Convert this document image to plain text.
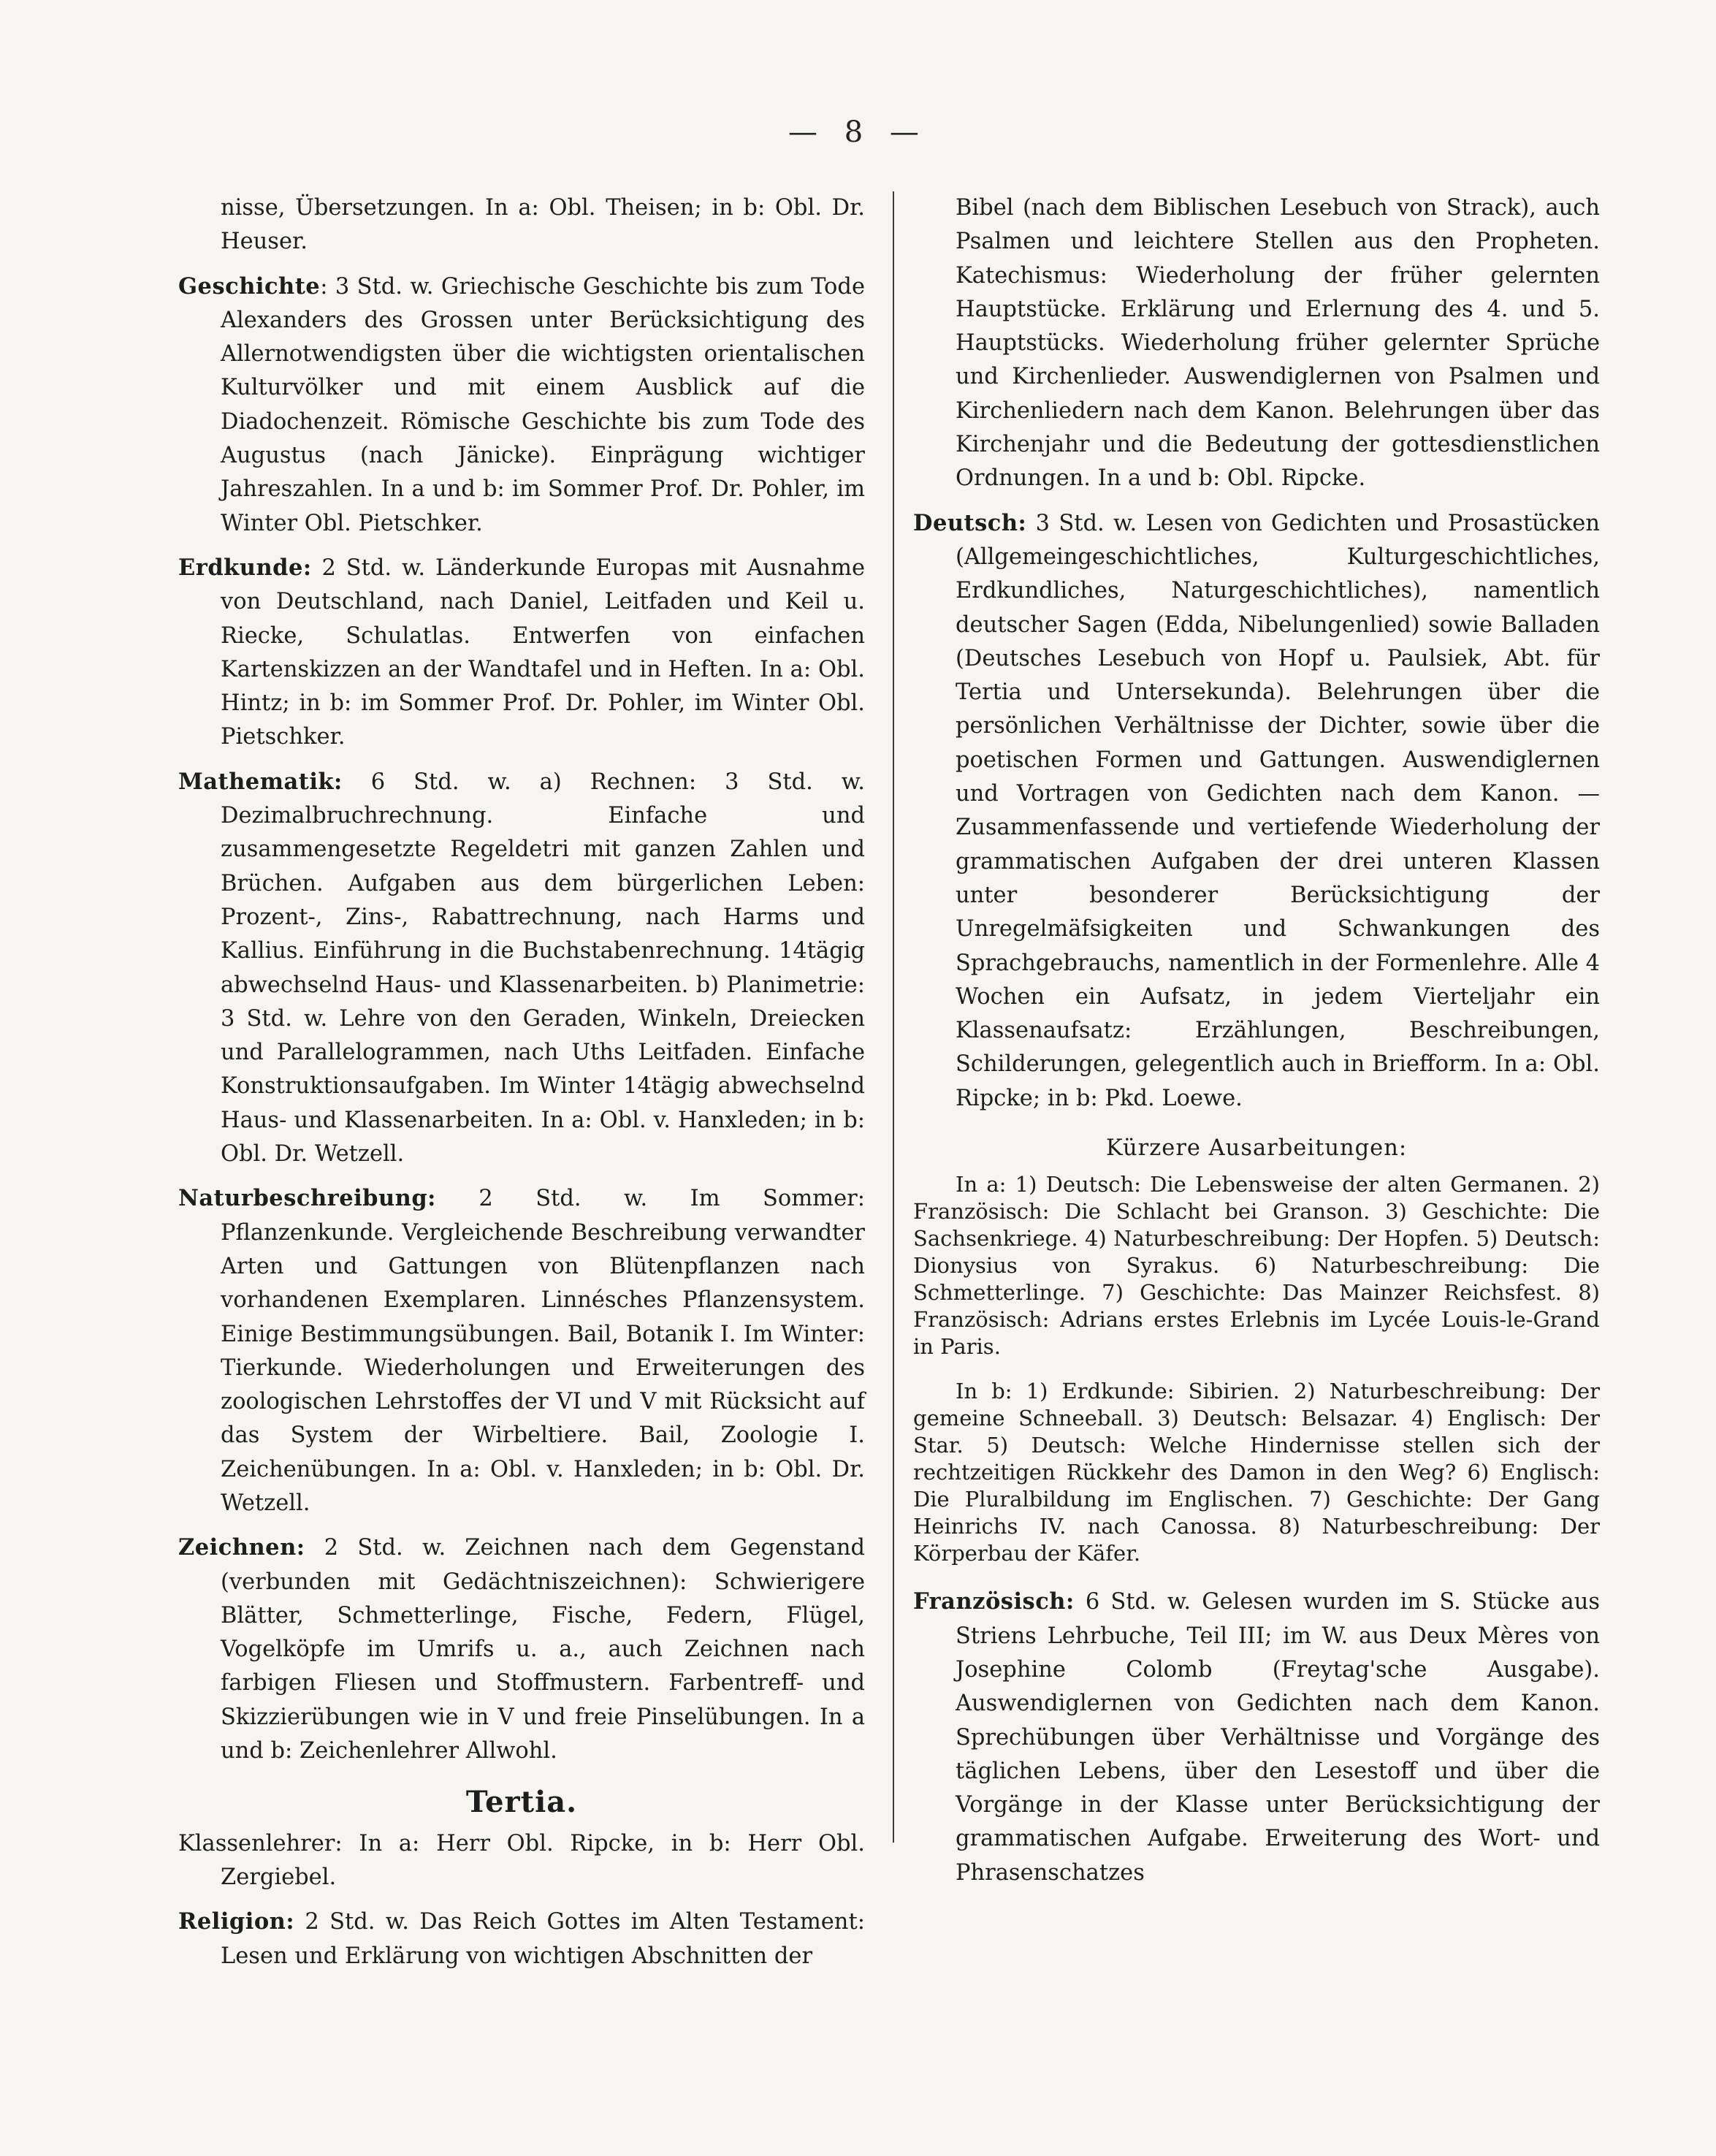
— 8 —

nisse, Übersetzungen. In a: Obl. Theisen; in b: Obl. Dr. Heuser.

Geschichte: 3 Std. w. Griechische Geschichte bis zum Tode Alexanders des Grossen unter Berücksichtigung des Allernotwendigsten über die wichtigsten orientalischen Kulturvölker und mit einem Ausblick auf die Diadochenzeit. Römische Geschichte bis zum Tode des Augustus (nach Jänicke). Einprägung wichtiger Jahreszahlen. In a und b: im Sommer Prof. Dr. Pohler, im Winter Obl. Pietschker.

Erdkunde: 2 Std. w. Länderkunde Europas mit Ausnahme von Deutschland, nach Daniel, Leitfaden und Keil u. Riecke, Schulatlas. Entwerfen von einfachen Kartenskizzen an der Wandtafel und in Heften. In a: Obl. Hintz; in b: im Sommer Prof. Dr. Pohler, im Winter Obl. Pietschker.

Mathematik: 6 Std. w. a) Rechnen: 3 Std. w. Dezimalbruchrechnung. Einfache und zusammengesetzte Regeldetri mit ganzen Zahlen und Brüchen. Aufgaben aus dem bürgerlichen Leben: Prozent-, Zins-, Rabattrechnung, nach Harms und Kallius. Einführung in die Buchstabenrechnung. 14tägig abwechselnd Haus- und Klassenarbeiten. b) Planimetrie: 3 Std. w. Lehre von den Geraden, Winkeln, Dreiecken und Parallelogrammen, nach Uths Leitfaden. Einfache Konstruktionsaufgaben. Im Winter 14tägig abwechselnd Haus- und Klassenarbeiten. In a: Obl. v. Hanxleden; in b: Obl. Dr. Wetzell.

Naturbeschreibung: 2 Std. w. Im Sommer: Pflanzenkunde. Vergleichende Beschreibung verwandter Arten und Gattungen von Blütenpflanzen nach vorhandenen Exemplaren. Linnésches Pflanzensystem. Einige Bestimmungsübungen. Bail, Botanik I. Im Winter: Tierkunde. Wiederholungen und Erweiterungen des zoologischen Lehrstoffes der VI und V mit Rücksicht auf das System der Wirbeltiere. Bail, Zoologie I. Zeichenübungen. In a: Obl. v. Hanxleden; in b: Obl. Dr. Wetzell.

Zeichnen: 2 Std. w. Zeichnen nach dem Gegenstand (verbunden mit Gedächtniszeichnen): Schwierigere Blätter, Schmetterlinge, Fische, Federn, Flügel, Vogelköpfe im Umrifs u. a., auch Zeichnen nach farbigen Fliesen und Stoffmustern. Farbentreff- und Skizzierübungen wie in V und freie Pinselübungen. In a und b: Zeichenlehrer Allwohl.

Tertia.

Klassenlehrer: In a: Herr Obl. Ripcke, in b: Herr Obl. Zergiebel.

Religion: 2 Std. w. Das Reich Gottes im Alten Testament: Lesen und Erklärung von wichtigen Abschnitten der

Bibel (nach dem Biblischen Lesebuch von Strack), auch Psalmen und leichtere Stellen aus den Propheten. Katechismus: Wiederholung der früher gelernten Hauptstücke. Erklärung und Erlernung des 4. und 5. Hauptstücks. Wiederholung früher gelernter Sprüche und Kirchenlieder. Auswendiglernen von Psalmen und Kirchenliedern nach dem Kanon. Belehrungen über das Kirchenjahr und die Bedeutung der gottesdienstlichen Ordnungen. In a und b: Obl. Ripcke.

Deutsch: 3 Std. w. Lesen von Gedichten und Prosastücken (Allgemeingeschichtliches, Kulturgeschichtliches, Erdkundliches, Naturgeschichtliches), namentlich deutscher Sagen (Edda, Nibelungenlied) sowie Balladen (Deutsches Lesebuch von Hopf u. Paulsiek, Abt. für Tertia und Untersekunda). Belehrungen über die persönlichen Verhältnisse der Dichter, sowie über die poetischen Formen und Gattungen. Auswendiglernen und Vortragen von Gedichten nach dem Kanon. — Zusammenfassende und vertiefende Wiederholung der grammatischen Aufgaben der drei unteren Klassen unter besonderer Berücksichtigung der Unregelmäfsigkeiten und Schwankungen des Sprachgebrauchs, namentlich in der Formenlehre. Alle 4 Wochen ein Aufsatz, in jedem Vierteljahr ein Klassenaufsatz: Erzählungen, Beschreibungen, Schilderungen, gelegentlich auch in Briefform. In a: Obl. Ripcke; in b: Pkd. Loewe.

Kürzere Ausarbeitungen:

In a: 1) Deutsch: Die Lebensweise der alten Germanen. 2) Französisch: Die Schlacht bei Granson. 3) Geschichte: Die Sachsenkriege. 4) Naturbeschreibung: Der Hopfen. 5) Deutsch: Dionysius von Syrakus. 6) Naturbeschreibung: Die Schmetterlinge. 7) Geschichte: Das Mainzer Reichsfest. 8) Französisch: Adrians erstes Erlebnis im Lycée Louis-le-Grand in Paris.

In b: 1) Erdkunde: Sibirien. 2) Naturbeschreibung: Der gemeine Schneeball. 3) Deutsch: Belsazar. 4) Englisch: Der Star. 5) Deutsch: Welche Hindernisse stellen sich der rechtzeitigen Rückkehr des Damon in den Weg? 6) Englisch: Die Pluralbildung im Englischen. 7) Geschichte: Der Gang Heinrichs IV. nach Canossa. 8) Naturbeschreibung: Der Körperbau der Käfer.

Französisch: 6 Std. w. Gelesen wurden im S. Stücke aus Striens Lehrbuche, Teil III; im W. aus Deux Mères von Josephine Colomb (Freytag'sche Ausgabe). Auswendiglernen von Gedichten nach dem Kanon. Sprechübungen über Verhältnisse und Vorgänge des täglichen Lebens, über den Lesestoff und über die Vorgänge in der Klasse unter Berücksichtigung der grammatischen Aufgabe. Erweiterung des Wort- und Phrasenschatzes
